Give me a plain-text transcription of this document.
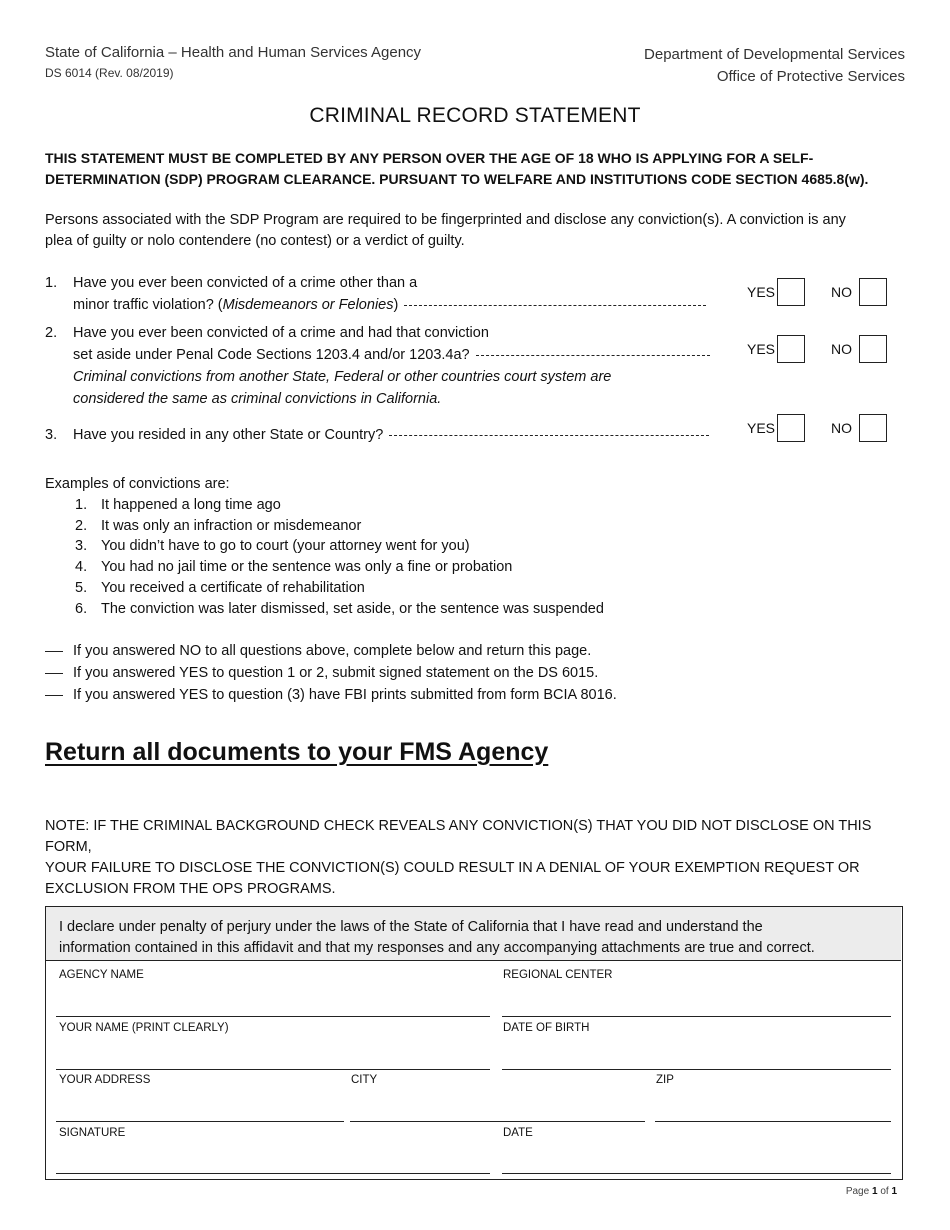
State of California – Health and Human Services Agency
DS 6014 (Rev. 08/2019)
Department of Developmental Services
Office of Protective Services
CRIMINAL RECORD STATEMENT
THIS STATEMENT MUST BE COMPLETED BY ANY PERSON OVER THE AGE OF 18 WHO IS APPLYING FOR A SELF-
DETERMINATION (SDP) PROGRAM CLEARANCE. PURSUANT TO WELFARE AND INSTITUTIONS CODE SECTION 4685.8(w).
Persons associated with the SDP Program are required to be fingerprinted and disclose any conviction(s). A conviction is any
plea of guilty or nolo contendere (no contest) or a verdict of guilty.
1. Have you ever been convicted of a crime other than a
minor traffic violation? (Misdemeanors or Felonies)
YES	NO
2. Have you ever been convicted of a crime and had that conviction
set aside under Penal Code Sections 1203.4 and/or 1203.4a?
Criminal convictions from another State, Federal or other countries court system are
considered the same as criminal convictions in California.
YES	NO
3. Have you resided in any other State or Country?	YES	NO
Examples of convictions are:
1. It happened a long time ago
2. It was only an infraction or misdemeanor
3. You didn’t have to go to court (your attorney went for you)
4. You had no jail time or the sentence was only a fine or probation
5. You received a certificate of rehabilitation
6. The conviction was later dismissed, set aside, or the sentence was suspended
If you answered NO to all questions above, complete below and return this page.
If you answered YES to question 1 or 2, submit signed statement on the DS 6015.
If you answered YES to question (3) have FBI prints submitted from form BCIA 8016.
Return all documents to your FMS Agency
NOTE: IF THE CRIMINAL BACKGROUND CHECK REVEALS ANY CONVICTION(S) THAT YOU DID NOT DISCLOSE ON THIS FORM,
YOUR FAILURE TO DISCLOSE THE CONVICTION(S) COULD RESULT IN A DENIAL OF YOUR EXEMPTION REQUEST OR
EXCLUSION FROM THE OPS PROGRAMS.
I declare under penalty of perjury under the laws of the State of California that I have read and understand the
information contained in this affidavit and that my responses and any accompanying attachments are true and correct.
AGENCY NAME	REGIONAL CENTER
YOUR NAME (PRINT CLEARLY)	DATE OF BIRTH
YOUR ADDRESS	CITY	ZIP
SIGNATURE	DATE
Page 1 of 1
